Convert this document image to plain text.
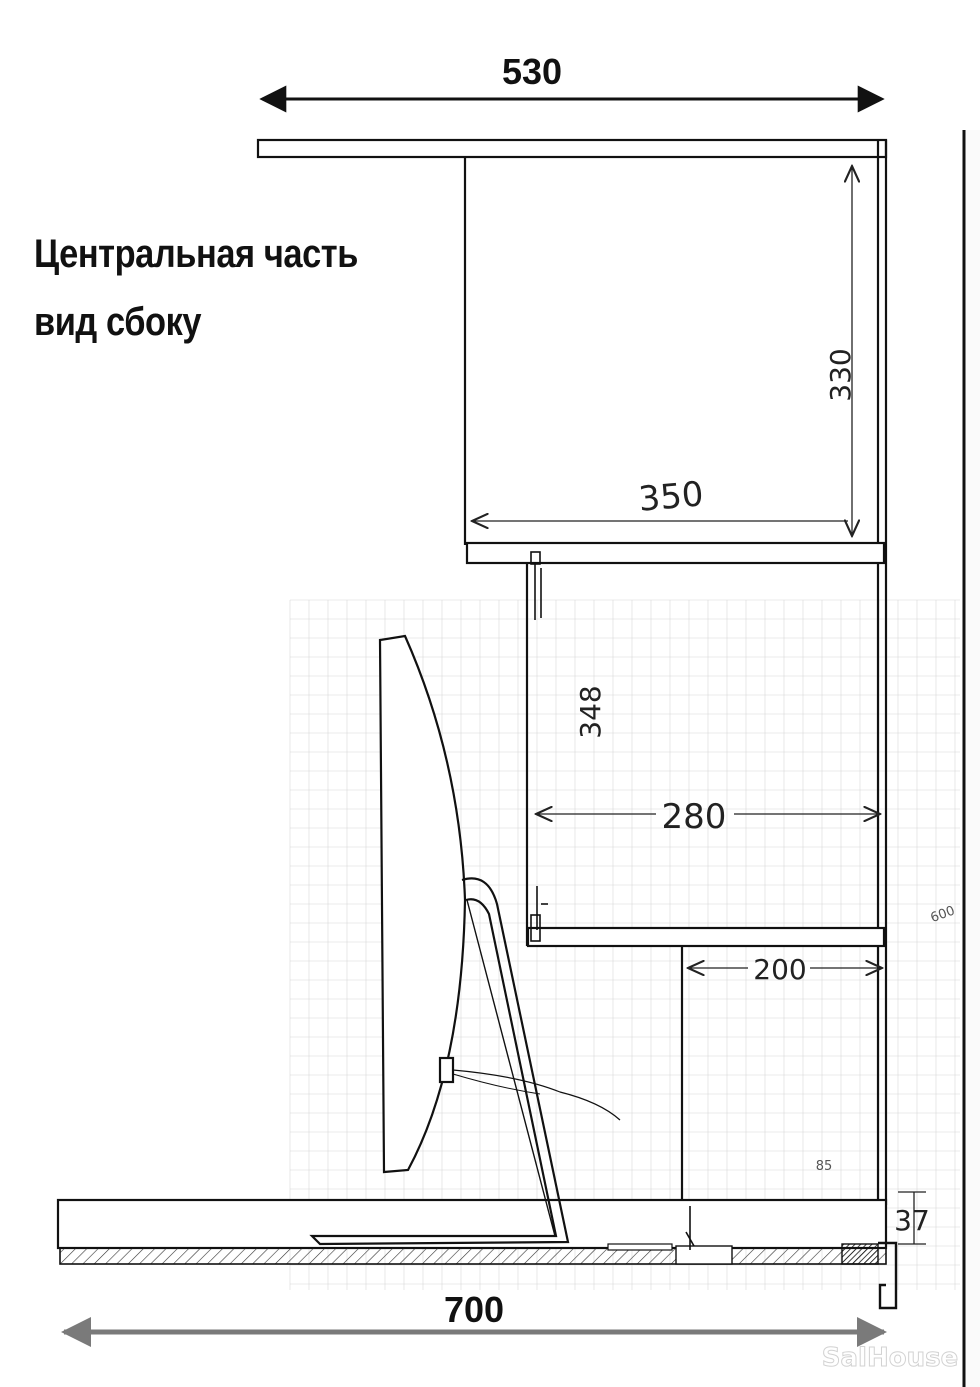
Центральная часть
вид сбоку
530
330
350
348
280
200
37
85
600
700
SalHouse
